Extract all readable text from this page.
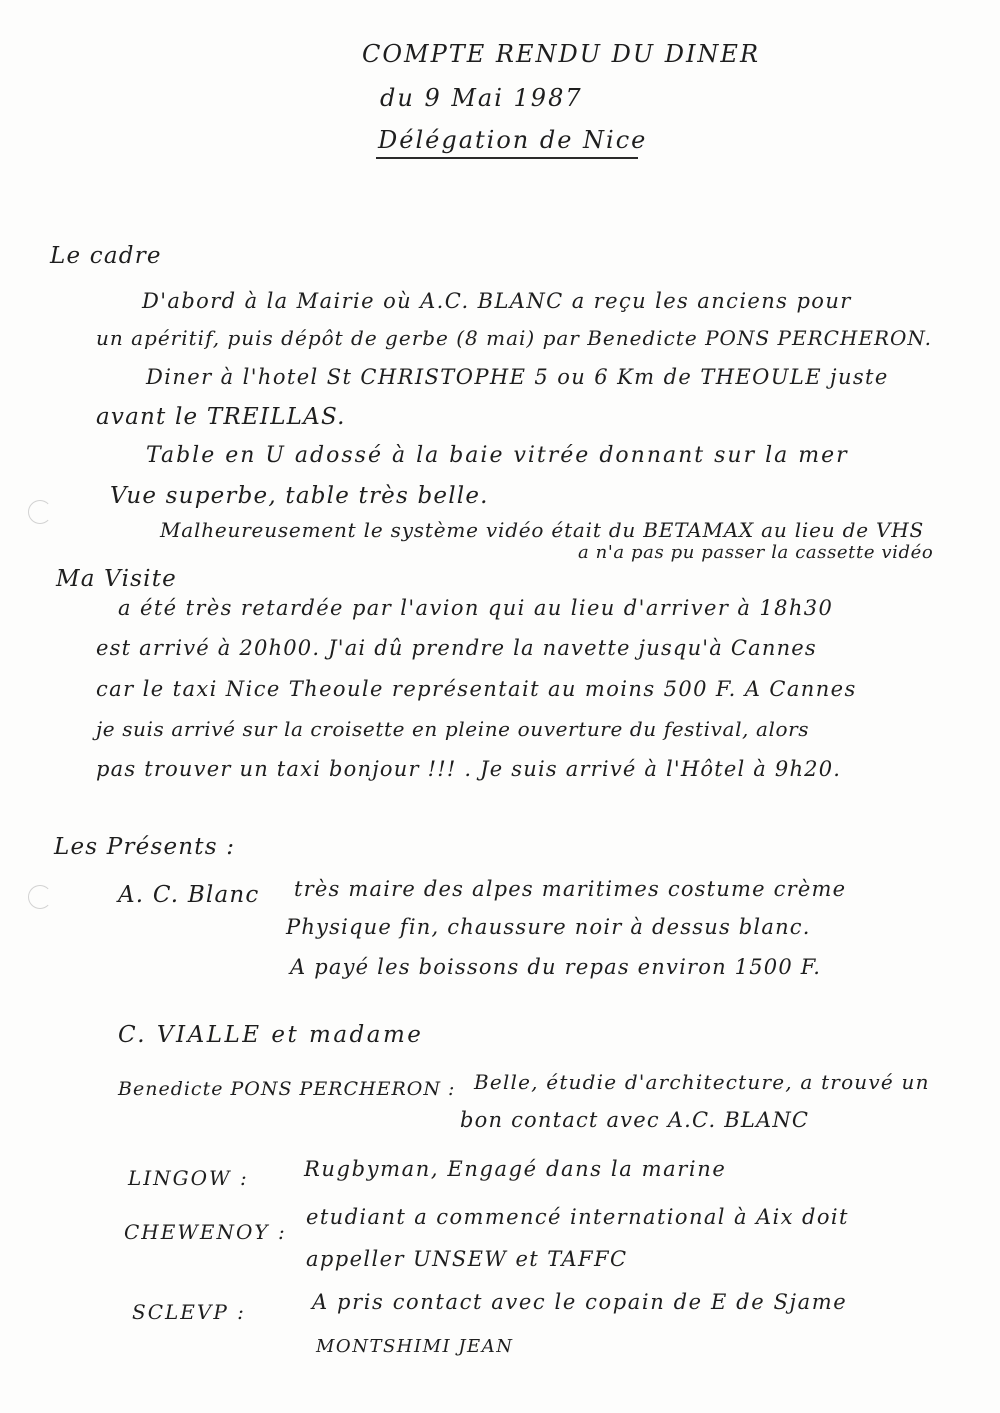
COMPTE RENDU DU DINER
du 9 Mai 1987
Délégation de Nice
Le cadre
D'abord à la Mairie où A.C. BLANC a reçu les anciens pour
un apéritif, puis dépôt de gerbe (8 mai) par Benedicte PONS PERCHERON.
Diner à l'hotel St CHRISTOPHE 5 ou 6 Km de THEOULE juste
avant le TREILLAS.
Table en U adossé à la baie vitrée donnant sur la mer
Vue superbe, table très belle.
Malheureusement le système vidéo était du BETAMAX au lieu de VHS
a n'a pas pu passer la cassette vidéo
Ma Visite
a été très retardée par l'avion qui au lieu d'arriver à 18h30
est arrivé à 20h00. J'ai dû prendre la navette jusqu'à Cannes
car le taxi Nice Theoule représentait au moins 500 F. A Cannes
je suis arrivé sur la croisette en pleine ouverture du festival, alors
pas trouver un taxi bonjour !!! . Je suis arrivé à l'Hôtel à 9h20.
Les Présents :
A. C. Blanc très maire des alpes maritimes costume crème
Physique fin, chaussure noir à dessus blanc.
A payé les boissons du repas environ 1500 F.
C. VIALLE et madame
Benedicte PONS PERCHERON : Belle, étudie d'architecture, a trouvé un
bon contact avec A.C. BLANC
LINGOW :	Rugbyman, Engagé dans la marine
CHEWENOY :
etudiant a commencé international à Aix doit
appeller UNSEW et TAFFC
SCLEVP :	A pris contact avec le copain de E de Sjame
MONTSHIMI JEAN
